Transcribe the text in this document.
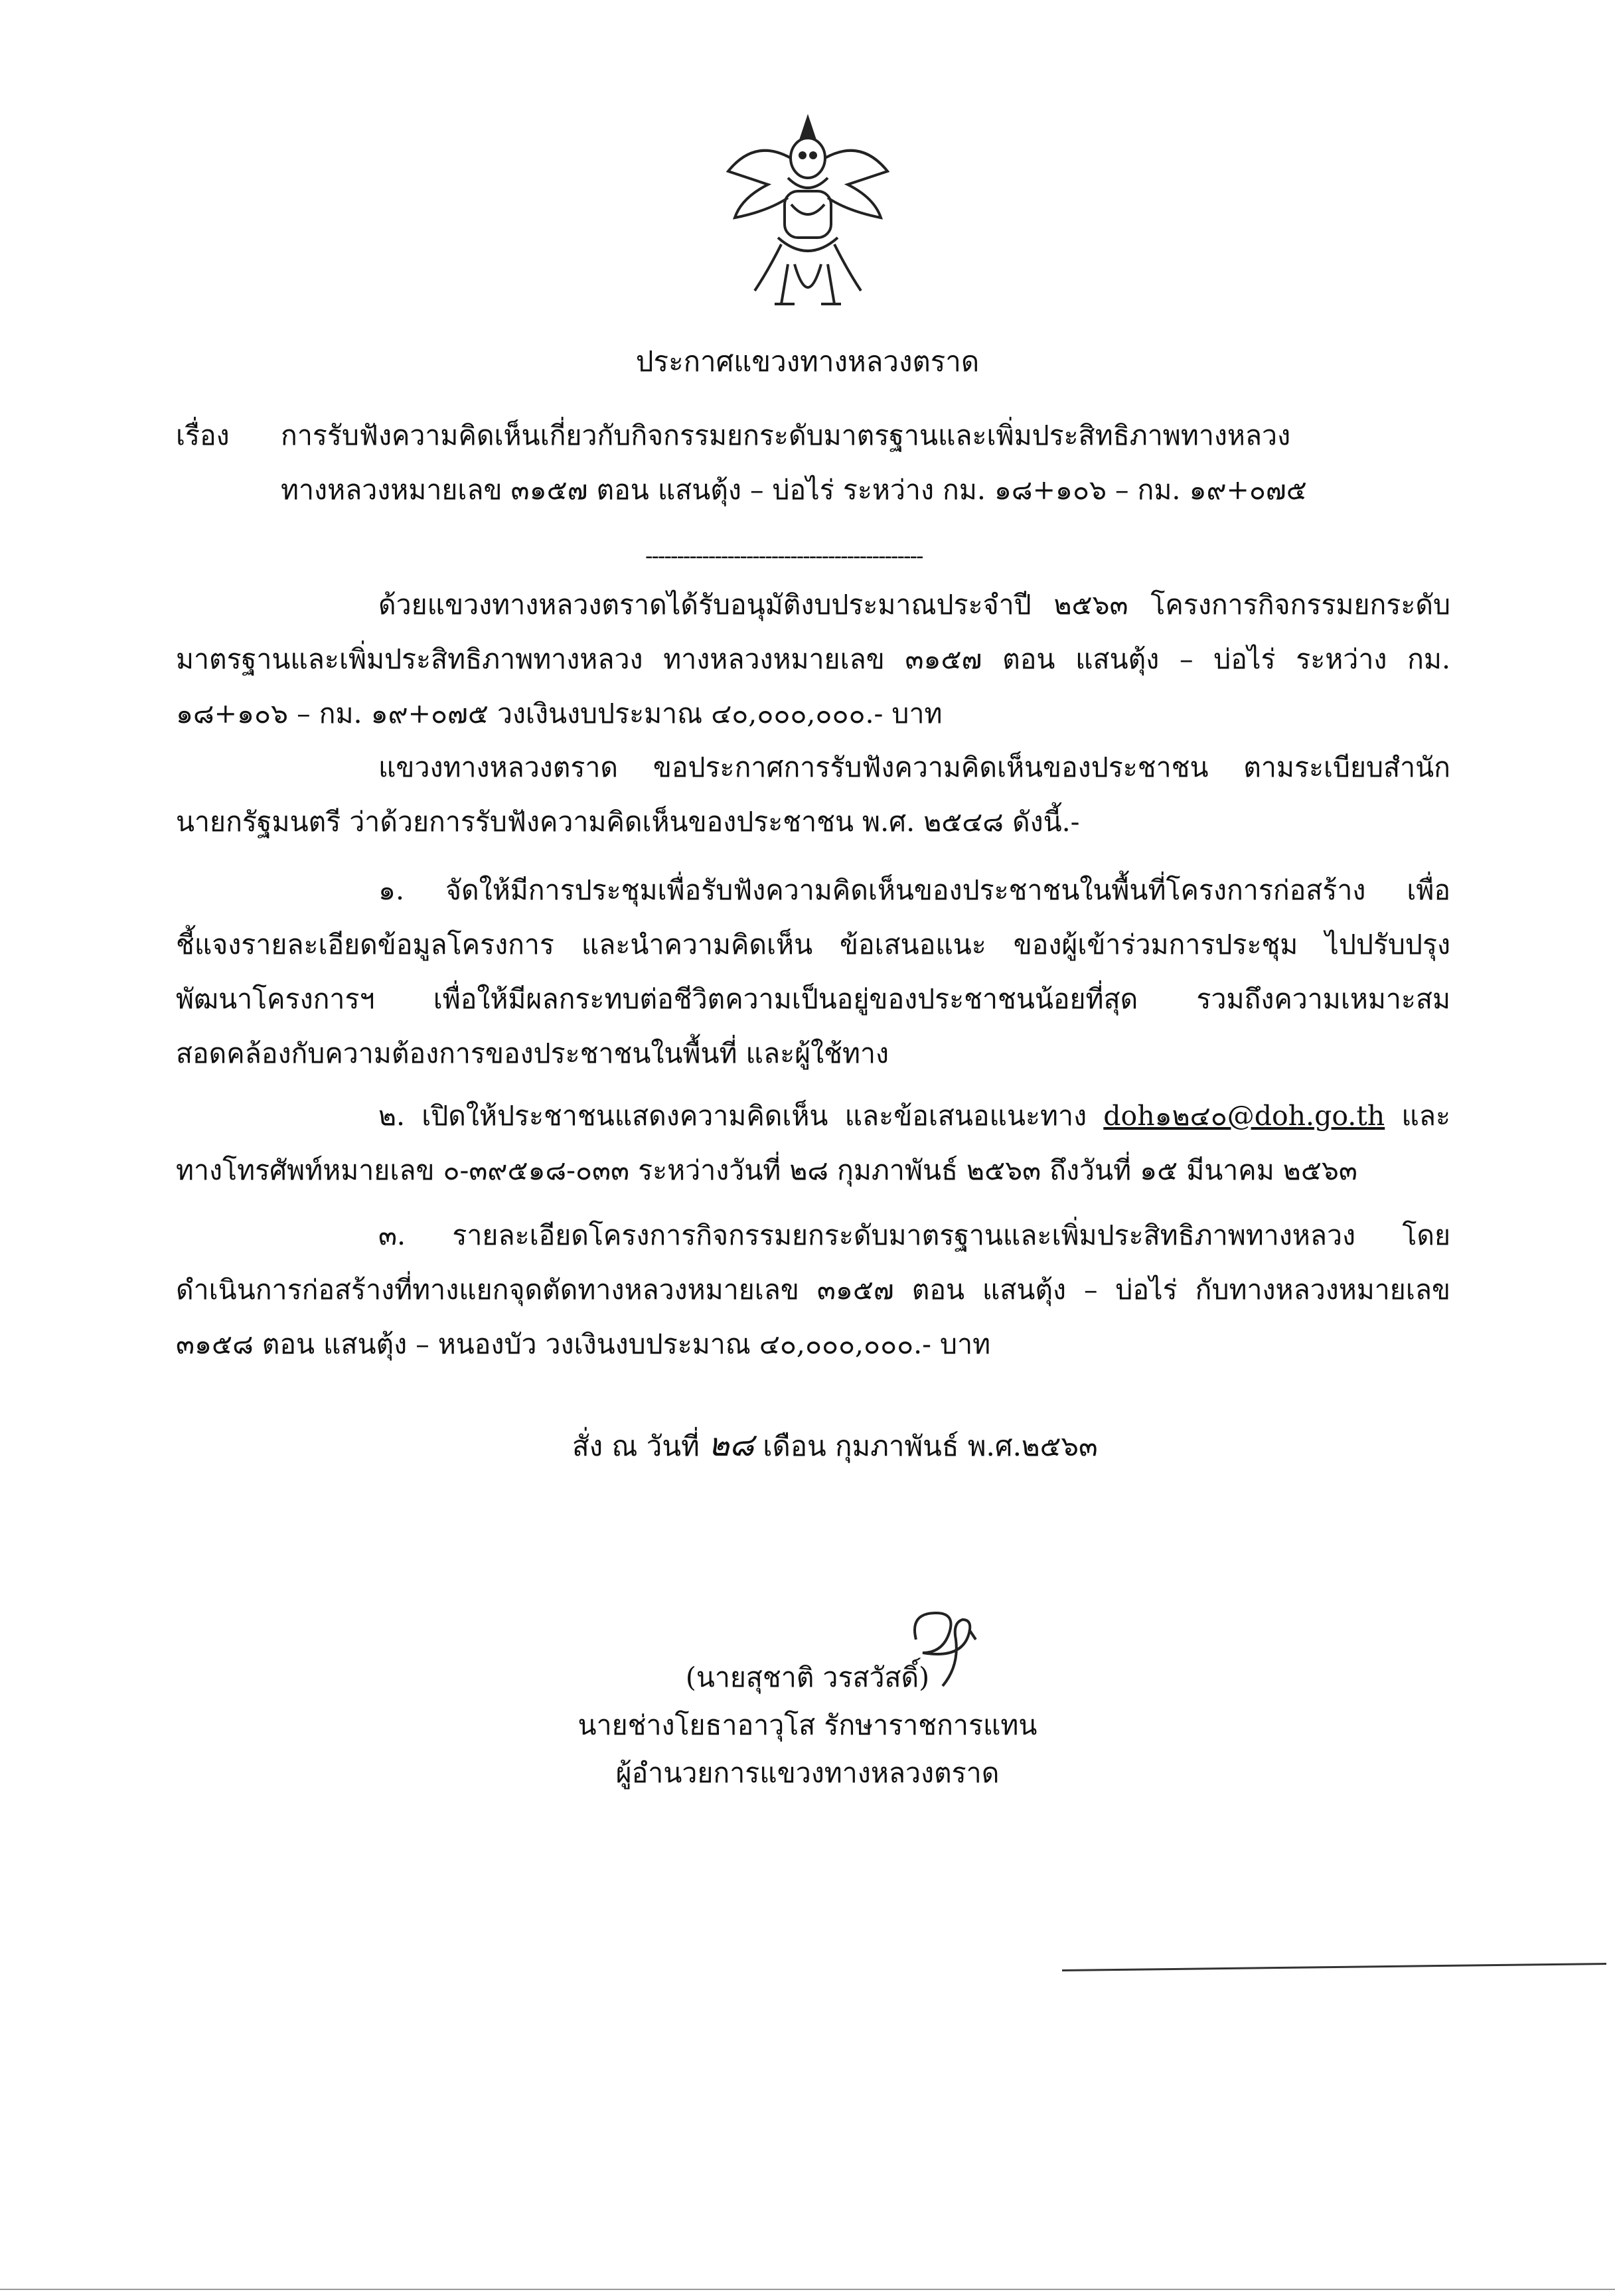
ประกาศแขวงทางหลวงตราด
เรื่อง การรับฟังความคิดเห็นเกี่ยวกับกิจกรรมยกระดับมาตรฐานและเพิ่มประสิทธิภาพทางหลวง
ทางหลวงหมายเลข ๓๑๕๗ ตอน แสนตุ้ง – บ่อไร่ ระหว่าง กม. ๑๘+๑๐๖ – กม. ๑๙+๐๗๕
--------------------------------------------
ด้วยแขวงทางหลวงตราดได้รับอนุมัติงบประมาณประจำปี ๒๕๖๓ โครงการกิจกรรมยกระดับมาตรฐานและเพิ่มประสิทธิภาพทางหลวง ทางหลวงหมายเลข ๓๑๕๗ ตอน แสนตุ้ง – บ่อไร่ ระหว่าง กม. ๑๘+๑๐๖ – กม. ๑๙+๐๗๕ วงเงินงบประมาณ ๔๐,๐๐๐,๐๐๐.- บาท
แขวงทางหลวงตราด ขอประกาศการรับฟังความคิดเห็นของประชาชน ตามระเบียบสำนักนายกรัฐมนตรี ว่าด้วยการรับฟังความคิดเห็นของประชาชน พ.ศ. ๒๕๔๘ ดังนี้.-
๑. จัดให้มีการประชุมเพื่อรับฟังความคิดเห็นของประชาชนในพื้นที่โครงการก่อสร้าง เพื่อชี้แจงรายละเอียดข้อมูลโครงการ และนำความคิดเห็น ข้อเสนอแนะ ของผู้เข้าร่วมการประชุม ไปปรับปรุงพัฒนาโครงการฯ เพื่อให้มีผลกระทบต่อชีวิตความเป็นอยู่ของประชาชนน้อยที่สุด รวมถึงความเหมาะสมสอดคล้องกับความต้องการของประชาชนในพื้นที่ และผู้ใช้ทาง
๒. เปิดให้ประชาชนแสดงความคิดเห็น และข้อเสนอแนะทาง doh๑๒๔๐@doh.go.th และทางโทรศัพท์หมายเลข ๐-๓๙๕๑๘-๐๓๓ ระหว่างวันที่ ๒๘ กุมภาพันธ์ ๒๕๖๓ ถึงวันที่ ๑๕ มีนาคม ๒๕๖๓
๓. รายละเอียดโครงการกิจกรรมยกระดับมาตรฐานและเพิ่มประสิทธิภาพทางหลวง โดยดำเนินการก่อสร้างที่ทางแยกจุดตัดทางหลวงหมายเลข ๓๑๕๗ ตอน แสนตุ้ง – บ่อไร่ กับทางหลวงหมายเลข ๓๑๕๘ ตอน แสนตุ้ง – หนองบัว วงเงินงบประมาณ ๔๐,๐๐๐,๐๐๐.- บาท
สั่ง ณ วันที่ ๒๘ เดือน กุมภาพันธ์ พ.ศ.๒๕๖๓
(นายสุชาติ วรสวัสดิ์)
นายช่างโยธาอาวุโส รักษาราชการแทน
ผู้อำนวยการแขวงทางหลวงตราด
